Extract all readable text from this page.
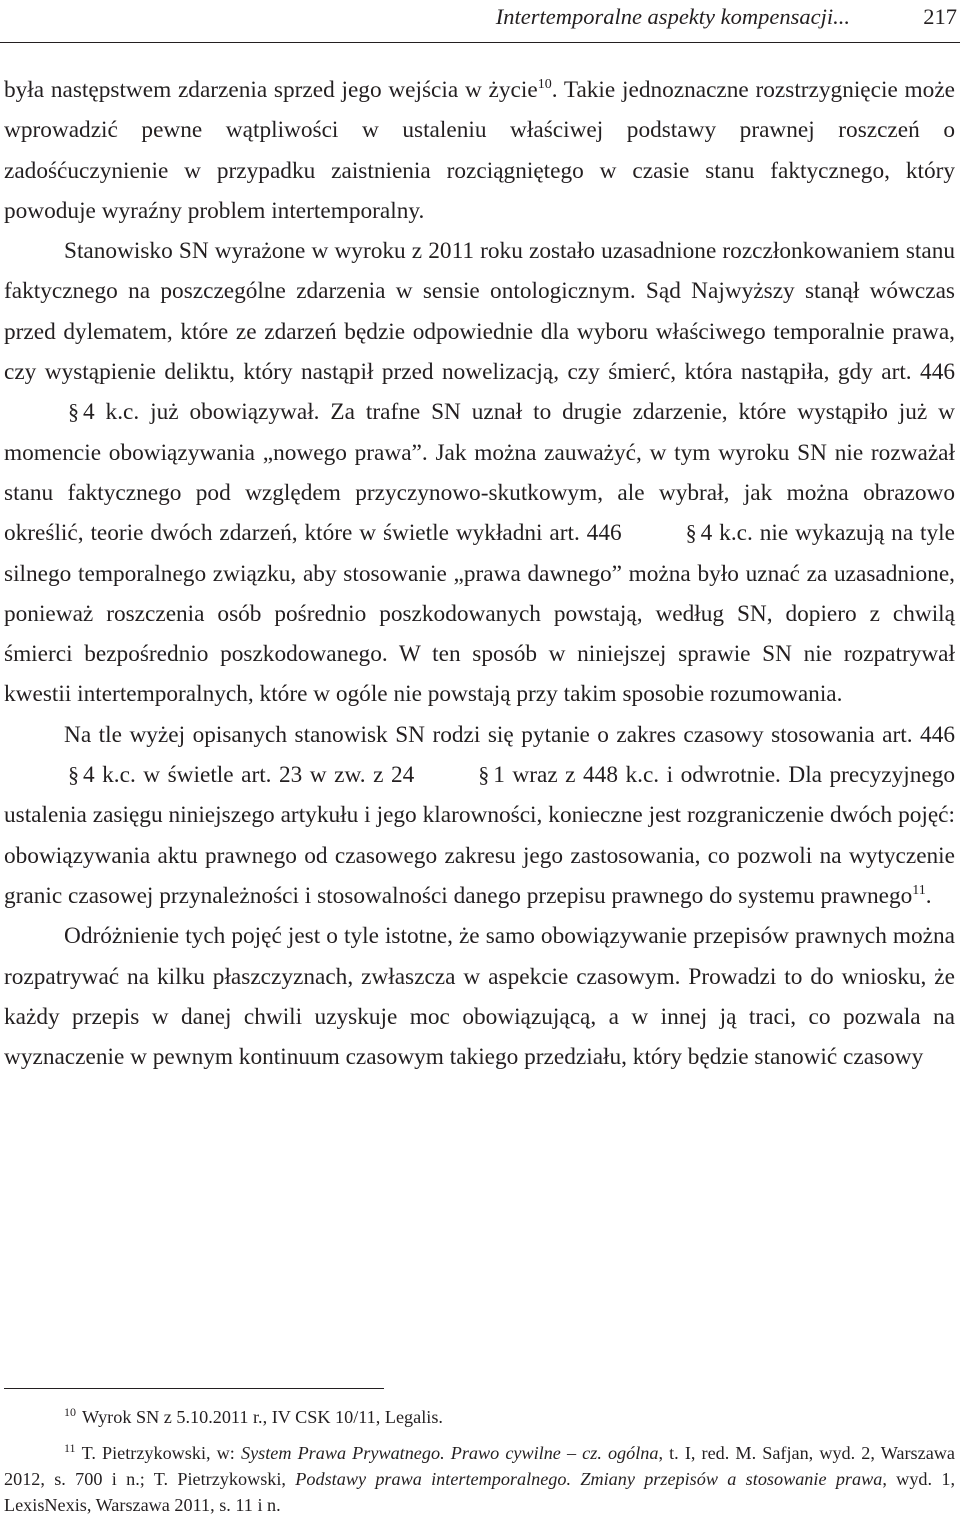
Intertemporalne aspekty kompensacji...	217

była następstwem zdarzenia sprzed jego wejścia w życie$^{10}$. Takie jednoznaczne rozstrzygnięcie może wprowadzić pewne wątpliwości w ustaleniu właściwej podstawy prawnej roszczeń o zadośćuczynienie w przypadku zaistnienia rozciągniętego w czasie stanu faktycznego, który powoduje wyraźny problem intertemporalny.

Stanowisko SN wyrażone w wyroku z 2011 roku zostało uzasadnione rozczłonkowaniem stanu faktycznego na poszczególne zdarzenia w sensie ontologicznym. Sąd Najwyższy stanął wówczas przed dylematem, które ze zdarzeń będzie odpowiednie dla wyboru właściwego temporalnie prawa, czy wystąpienie deliktu, który nastąpił przed nowelizacją, czy śmierć, która nastąpiła, gdy art. 446§ 4 k.c. już obowiązywał. Za trafne SN uznał to drugie zdarzenie, które wystąpiło już w momencie obowiązywania „nowego prawa”. Jak można zauważyć, w tym wyroku SN nie rozważał stanu faktycznego pod względem przyczynowo-skutkowym, ale wybrał, jak można obrazowo określić, teorie dwóch zdarzeń, które w świetle wykładni art. 446	§ 4 k.c. nie wykazują na tyle silnego temporalnego związku, aby stosowanie „prawa dawnego” można było uznać za uzasadnione, ponieważ roszczenia osób pośrednio poszkodowanych powstają, według SN, dopiero z chwilą śmierci bezpośrednio poszkodowanego. W ten sposób w niniejszej sprawie SN nie rozpatrywał kwestii intertemporalnych, które w ogóle nie powstają przy takim sposobie rozumowania.

Na tle wyżej opisanych stanowisk SN rodzi się pytanie o zakres czasowy stosowania art. 446§ 4 k.c. w świetle art. 23 w zw. z 24	§ 1 wraz z 448 k.c. i odwrotnie. Dla precyzyjnego ustalenia zasięgu niniejszego artykułu i jego klarowności, konieczne jest rozgraniczenie dwóch pojęć: obowiązywania aktu prawnego od czasowego zakresu jego zastosowania, co pozwoli na wytyczenie granic czasowej przynależności i stosowalności danego przepisu prawnego do systemu prawnego$^{11}$.

Odróżnienie tych pojęć jest o tyle istotne, że samo obowiązywanie przepisów prawnych można rozpatrywać na kilku płaszczyznach, zwłaszcza w aspekcie czasowym. Prowadzi to do wniosku, że każdy przepis w danej chwili uzyskuje moc obowiązującą, a w innej ją traci, co pozwala na wyznaczenie w pewnym kontinuum czasowym takiego przedziału, który będzie stanowić czasowy

$^{10}$ Wyrok SN z 5.10.2011 r., IV CSK 10/11, Legalis.

$^{11}$ T. Pietrzykowski, w: System Prawa Prywatnego. Prawo cywilne – cz. ogólna, t. I, red. M. Safjan, wyd. 2, Warszawa 2012, s. 700 i n.; T. Pietrzykowski, Podstawy prawa intertemporalnego. Zmiany przepisów a stosowanie prawa, wyd. 1, LexisNexis, Warszawa 2011, s. 11 i n.
